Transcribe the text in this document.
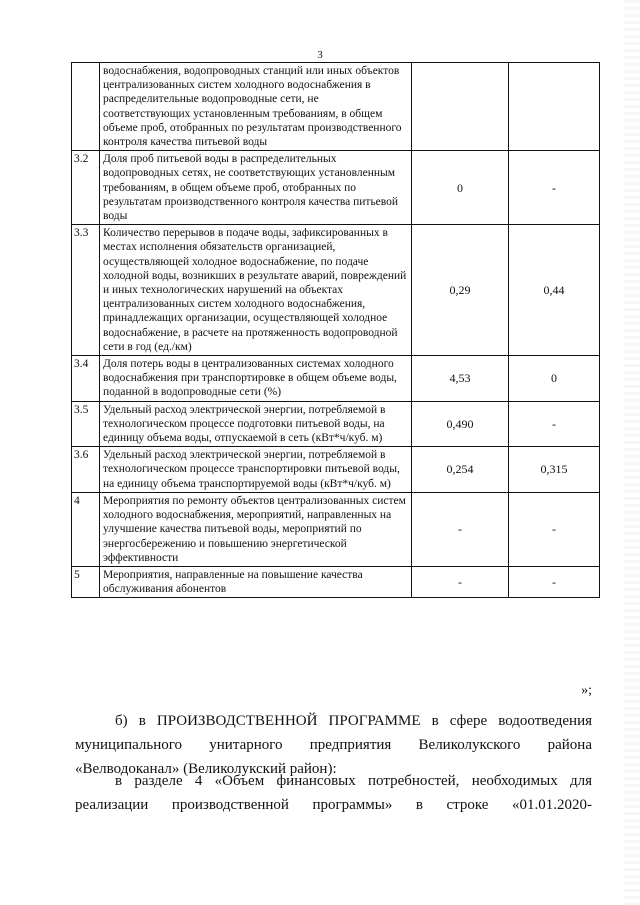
3
	водоснабжения, водопроводных станций или иных объектов централизованных систем холодного водоснабжения в распределительные водопроводные сети, не соответствующих установленным требованиям, в общем объеме проб, отобранных по результатам производственного контроля качества питьевой воды		
3.2	Доля проб питьевой воды в распределительных водопроводных сетях, не соответствующих установленным требованиям, в общем объеме проб, отобранных по результатам производственного контроля качества питьевой воды	0	-
3.3	Количество перерывов в подаче воды, зафиксированных в местах исполнения обязательств организацией, осуществляющей холодное водоснабжение, по подаче холодной воды, возникших в результате аварий, повреждений и иных технологических нарушений на объектах централизованных систем холодного водоснабжения, принадлежащих организации, осуществляющей холодное водоснабжение, в расчете на протяженность водопроводной сети в год (ед./км)	0,29	0,44
3.4	Доля потерь воды в централизованных системах холодного водоснабжения при транспортировке в общем объеме воды, поданной в водопроводные сети (%)	4,53	0
3.5	Удельный расход электрической энергии, потребляемой в технологическом процессе подготовки питьевой воды, на единицу объема воды, отпускаемой в сеть (кВт*ч/куб. м)	0,490	-
3.6	Удельный расход электрической энергии, потребляемой в технологическом процессе транспортировки питьевой воды, на единицу объема транспортируемой воды (кВт*ч/куб. м)	0,254	0,315
4	Мероприятия по ремонту объектов централизованных систем холодного водоснабжения, мероприятий, направленных на улучшение качества питьевой воды, мероприятий по энергосбережению и повышению энергетической эффективности	-	-
5	Мероприятия, направленные на повышение качества обслуживания абонентов	-	-
»;
б) в ПРОИЗВОДСТВЕННОЙ ПРОГРАММЕ в сфере водоотведения муниципального унитарного предприятия Великолукского района «Велводоканал» (Великолукский район):
в разделе 4 «Объем финансовых потребностей, необходимых для реализации производственной программы» в строке «01.01.2020-
